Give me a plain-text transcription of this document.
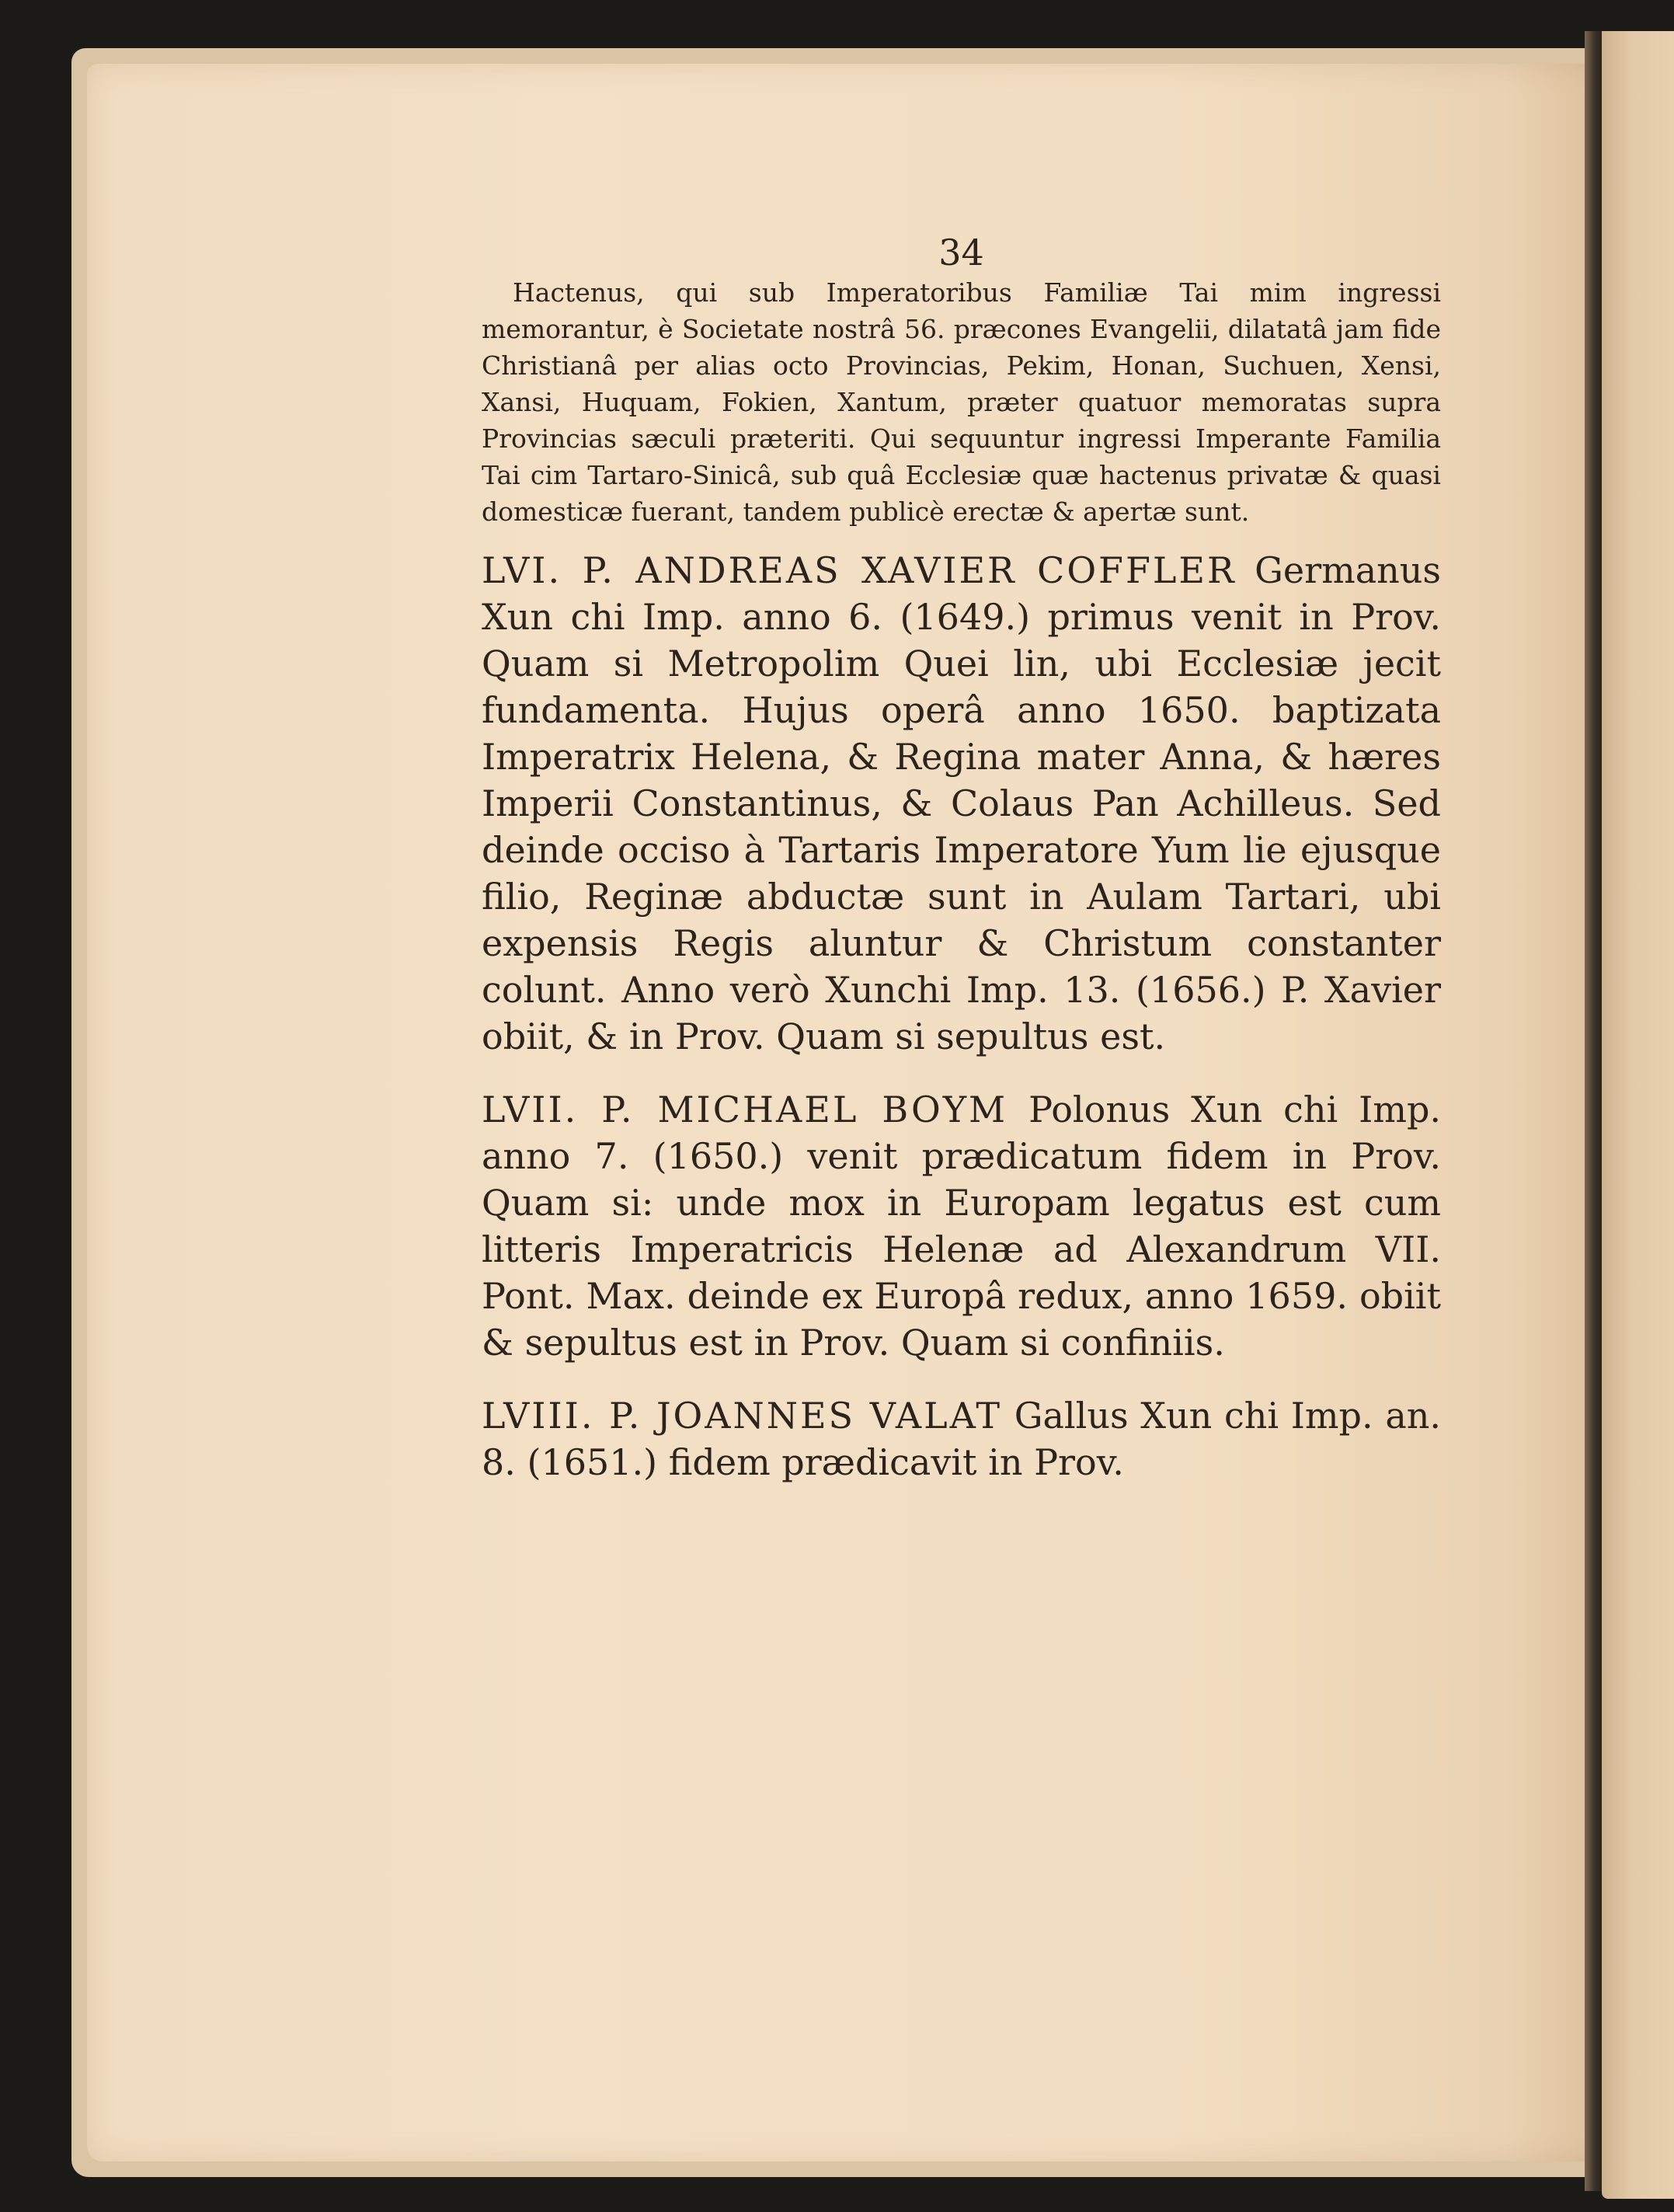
34

Hactenus, qui sub Imperatoribus Familiæ Tai mim ingressi memorantur, è Societate nostrâ 56. præcones Evangelii, dilatatâ jam fide Christianâ per alias octo Provincias, Pekim, Honan, Suchuen, Xensi, Xansi, Huquam, Fokien, Xantum, præter quatuor memoratas supra Provincias sæculi præteriti. Qui sequuntur ingressi Imperante Familia Tai cim Tartaro-Sinicâ, sub quâ Ecclesiæ quæ hactenus privatæ & quasi domesticæ fuerant, tandem publicè erectæ & apertæ sunt.

LVI. P. ANDREAS XAVIER COFFLER Germanus Xun chi Imp. anno 6. (1649.) primus venit in Prov. Quam si Metropolim Quei lin, ubi Ecclesiæ jecit fundamenta. Hujus operâ anno 1650. baptizata Imperatrix Helena, & Regina mater Anna, & hæres Imperii Constantinus, & Colaus Pan Achilleus. Sed deinde occiso à Tartaris Imperatore Yum lie ejusque filio, Reginæ abductæ sunt in Aulam Tartari, ubi expensis Regis aluntur & Christum constanter colunt. Anno verò Xunchi Imp. 13. (1656.) P. Xavier obiit, & in Prov. Quam si sepultus est.

LVII. P. MICHAEL BOYM Polonus Xun chi Imp. anno 7. (1650.) venit prædicatum fidem in Prov. Quam si: unde mox in Europam legatus est cum litteris Imperatricis Helenæ ad Alexandrum VII. Pont. Max. deinde ex Europâ redux, anno 1659. obiit & sepultus est in Prov. Quam si confiniis.

LVIII. P. JOANNES VALAT Gallus Xun chi Imp. an. 8. (1651.) fidem prædicavit in Prov.
